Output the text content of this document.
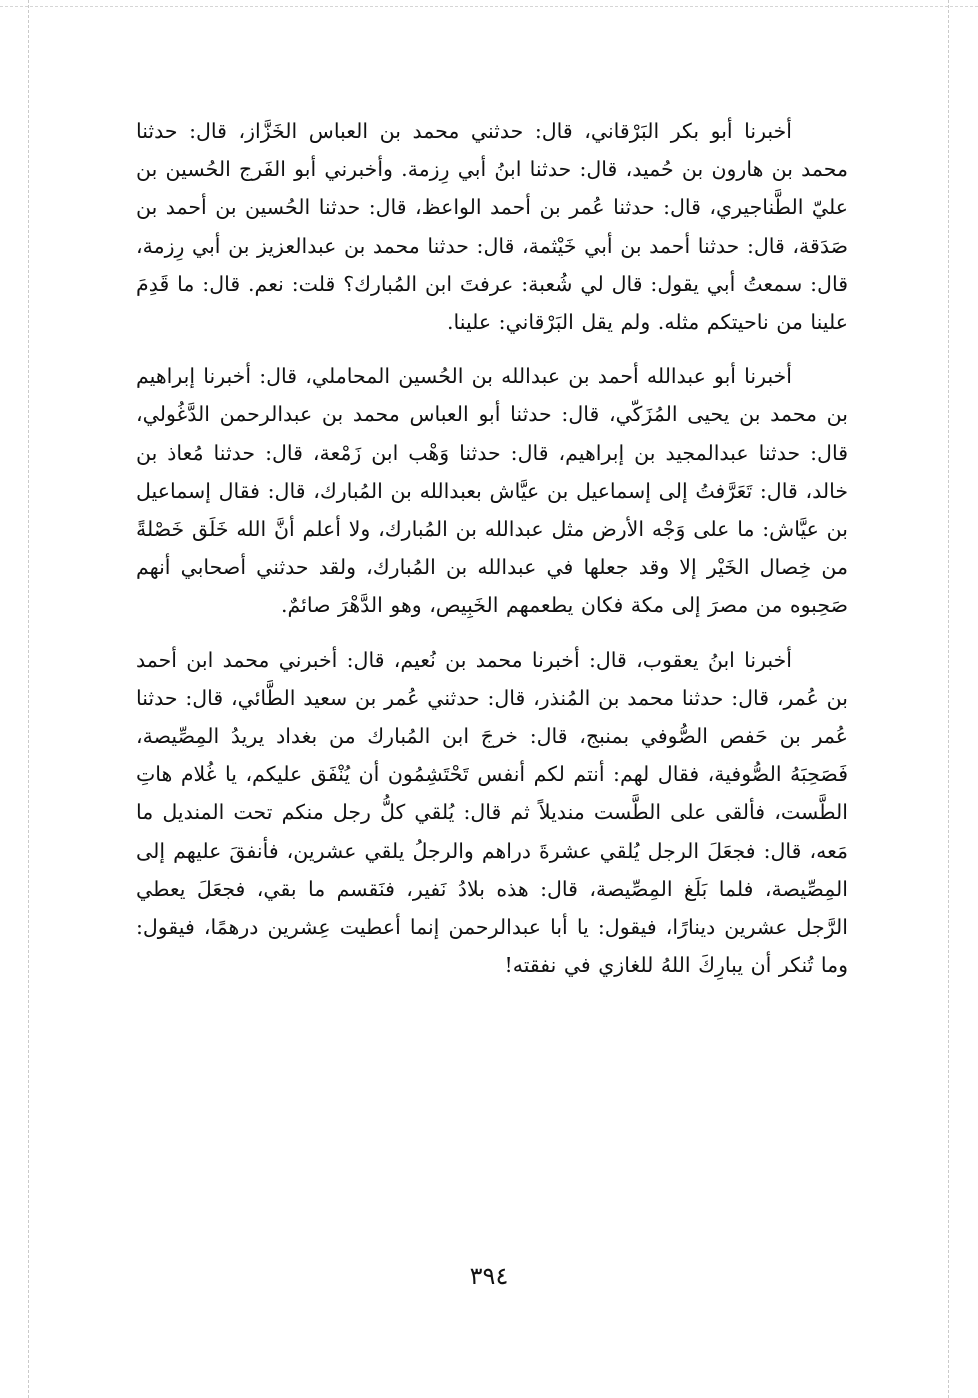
أخبرنا أبو بكر البَرْقاني، قال: حدثني محمد بن العباس الخَزَّاز، قال: حدثنا محمد بن هارون بن حُميد، قال: حدثنا ابنُ أبي رِزمة. وأخبرني أبو الفَرج الحُسين بن عليّ الطَّناجيري، قال: حدثنا عُمر بن أحمد الواعظ، قال: حدثنا الحُسين بن أحمد بن صَدَقة، قال: حدثنا أحمد بن أبي خَيْثمة، قال: حدثنا محمد بن عبدالعزيز بن أبي رِزمة، قال: سمعتُ أبي يقول: قال لي شُعبة: عرفتَ ابن المُبارك؟ قلت: نعم. قال: ما قَدِمَ علينا من ناحيتكم مثله. ولم يقل البَرْقاني: علينا.

أخبرنا أبو عبدالله أحمد بن عبدالله بن الحُسين المحاملي، قال: أخبرنا إبراهيم بن محمد بن يحيى المُزَكّي، قال: حدثنا أبو العباس محمد بن عبدالرحمن الدَّغُولي، قال: حدثنا عبدالمجيد بن إبراهيم، قال: حدثنا وَهْب ابن زَمْعة، قال: حدثنا مُعاذ بن خالد، قال: تَعَرَّفتُ إلى إسماعيل بن عيَّاش بعبدالله بن المُبارك، قال: فقال إسماعيل بن عيَّاش: ما على وَجْه الأرض مثل عبدالله بن المُبارك، ولا أعلم أنَّ الله خَلَق خَصْلةً من خِصال الخَيْر إلا وقد جعلها في عبدالله بن المُبارك، ولقد حدثني أصحابي أنهم صَحِبوه من مصرَ إلى مكة فكان يطعمهم الخَبِيص، وهو الدَّهْرَ صائمٌ.

أخبرنا ابنُ يعقوب، قال: أخبرنا محمد بن نُعيم، قال: أخبرني محمد ابن أحمد بن عُمر، قال: حدثنا محمد بن المُنذر، قال: حدثني عُمر بن سعيد الطَّائي، قال: حدثنا عُمر بن حَفص الصُّوفي بمنبج، قال: خرجَ ابن المُبارك من بغداد يريدُ المِصِّيصة، فَصَحِبَهُ الصُّوفية، فقال لهم: أنتم لكم أنفس تَحْتَشِمُون أن يُنْفَق عليكم، يا غُلام هاتِ الطَّست، فألقى على الطَّست منديلاً ثم قال: يُلقي كلُّ رجل منكم تحت المنديل ما مَعه، قال: فجعَلَ الرجل يُلقي عشرةَ دراهم والرجلُ يلقي عشرين، فأنفقَ عليهم إلى المِصِّيصة، فلما بَلَغ المِصِّيصة، قال: هذه بلادُ نَفير، فنَقسم ما بقي، فجعَلَ يعطي الرَّجل عشرين دينارًا، فيقول: يا أبا عبدالرحمن إنما أعطيت عِشرين درهمًا، فيقول: وما تُنكر أن يبارِكَ اللهُ للغازي في نفقته!

٣٩٤
